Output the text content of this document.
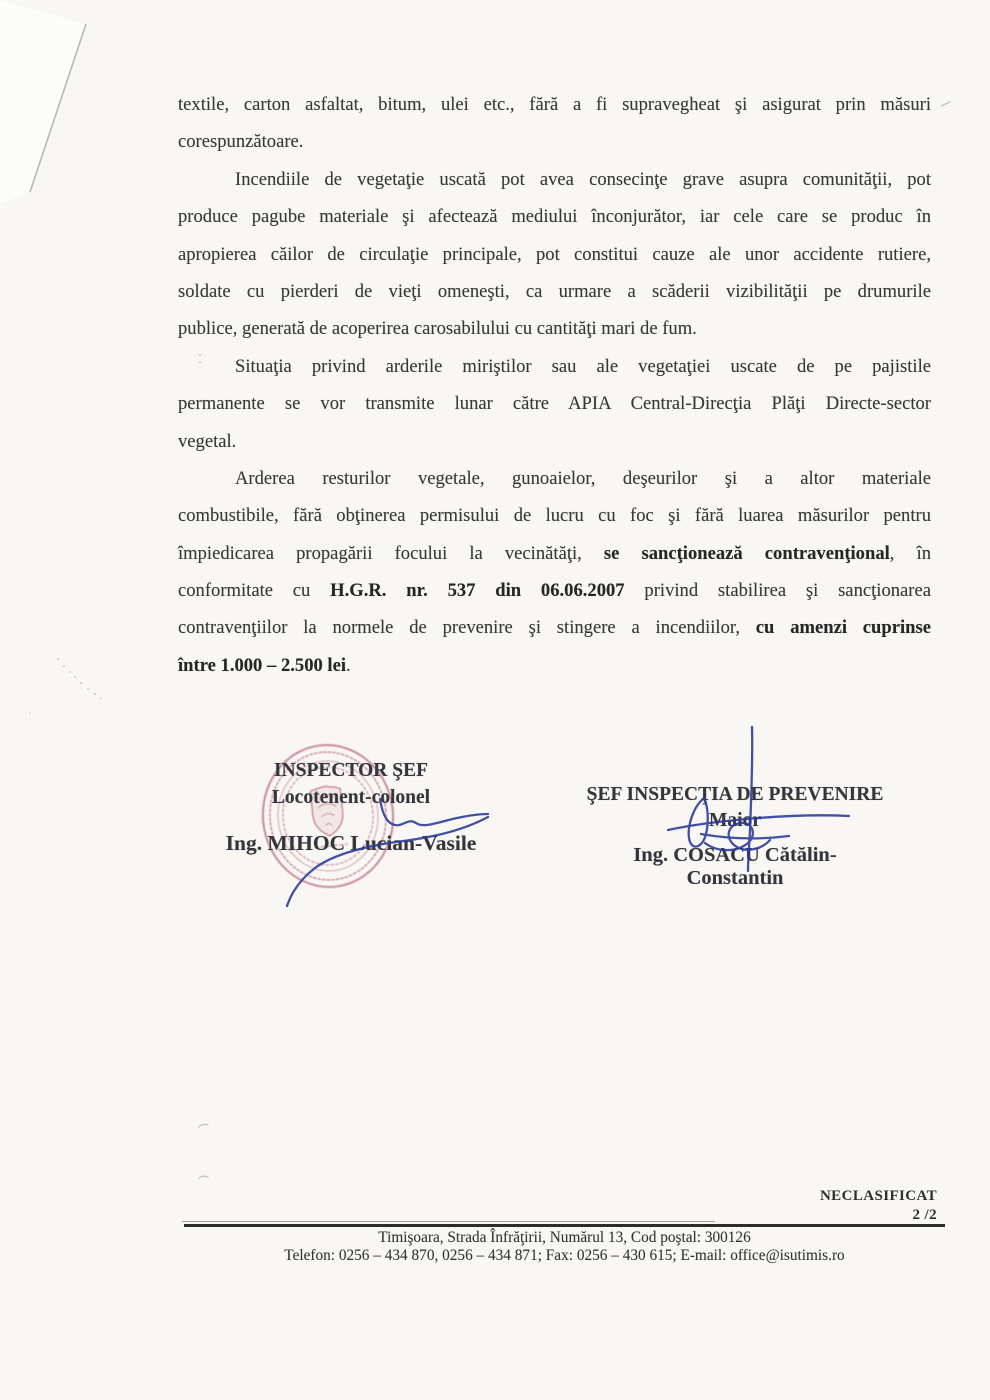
textile, carton asfaltat, bitum, ulei etc., fără a fi supravegheat şi asigurat prin măsuri
corespunzătoare.
Incendiile de vegetaţie uscată pot avea consecinţe grave asupra comunităţii, pot
produce pagube materiale şi afectează mediului înconjurător, iar cele care se produc în
apropierea căilor de circulaţie principale, pot constitui cauze ale unor accidente rutiere,
soldate cu pierderi de vieţi omeneşti, ca urmare a scăderii vizibilităţii pe drumurile
publice, generată de acoperirea carosabilului cu cantităţi mari de fum.
Situaţia privind arderile miriştilor sau ale vegetaţiei uscate de pe pajistile
permanente se vor transmite lunar către APIA Central-Direcţia Plăţi Directe-sector
vegetal.
Arderea resturilor vegetale, gunoaielor, deşeurilor şi a altor materiale
combustibile, fără obţinerea permisului de lucru cu foc şi fără luarea măsurilor pentru
împiedicarea propagării focului la vecinătăţi, se sancţionează contravenţional, în
conformitate cu H.G.R. nr. 537 din 06.06.2007 privind stabilirea şi sancţionarea
contravenţiilor la normele de prevenire şi stingere a incendiilor, cu amenzi cuprinse
între 1.000 – 2.500 lei.
INSPECTOR ŞEF
Locotenent-colonel
Ing. MIHOC Lucian-Vasile
ŞEF INSPECŢIA DE PREVENIRE
Maior
Ing. COSACU Cătălin-Constantin
NECLASIFICAT
2 /2
Timişoara, Strada Înfrăţirii, Numărul 13, Cod poştal: 300126
Telefon: 0256 – 434 870, 0256 – 434 871; Fax: 0256 – 430 615; E-mail: office@isutimis.ro
